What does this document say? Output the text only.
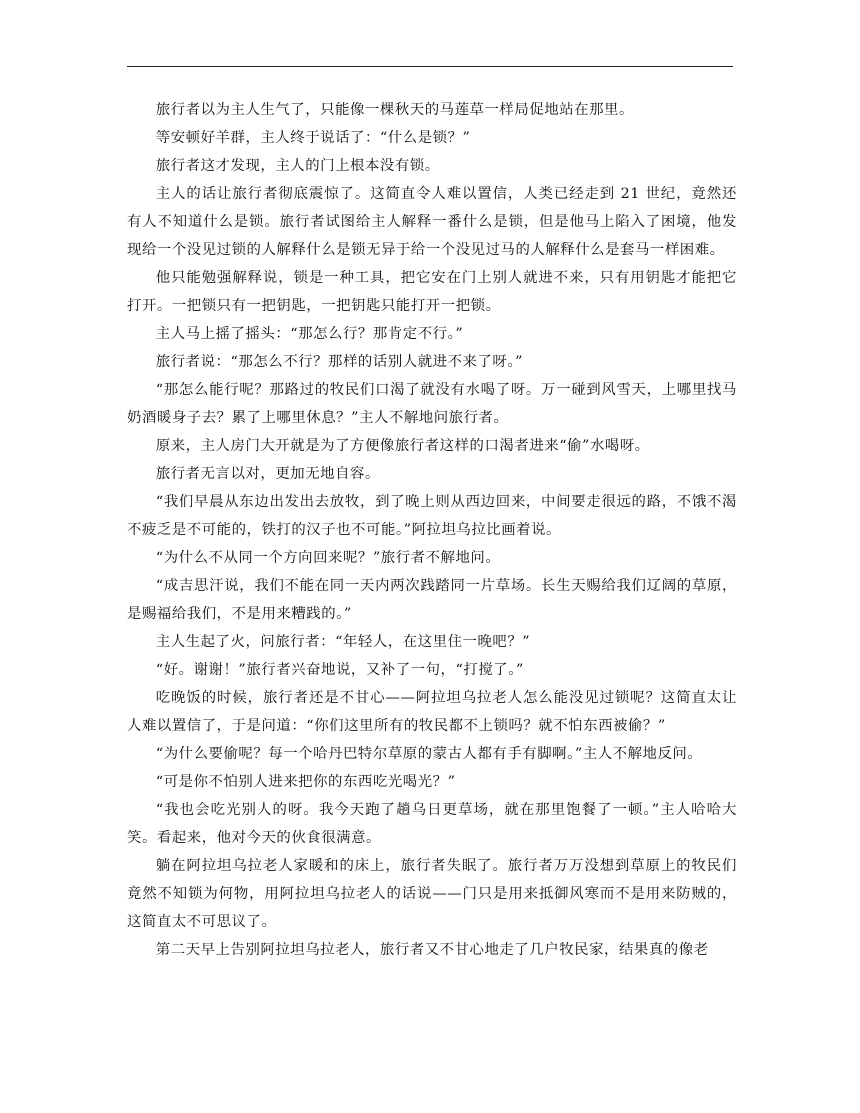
旅行者以为主人生气了，只能像一棵秋天的马莲草一样局促地站在那里。

等安顿好羊群，主人终于说话了：“什么是锁？”

旅行者这才发现，主人的门上根本没有锁。

主人的话让旅行者彻底震惊了。这简直令人难以置信，人类已经走到 21 世纪，竟然还有人不知道什么是锁。旅行者试图给主人解释一番什么是锁，但是他马上陷入了困境，他发现给一个没见过锁的人解释什么是锁无异于给一个没见过马的人解释什么是套马一样困难。

他只能勉强解释说，锁是一种工具，把它安在门上别人就进不来，只有用钥匙才能把它打开。一把锁只有一把钥匙，一把钥匙只能打开一把锁。

主人马上摇了摇头：“那怎么行？那肯定不行。”

旅行者说：“那怎么不行？那样的话别人就进不来了呀。”

“那怎么能行呢？那路过的牧民们口渴了就没有水喝了呀。万一碰到风雪天，上哪里找马奶酒暖身子去？累了上哪里休息？”主人不解地问旅行者。

原来，主人房门大开就是为了方便像旅行者这样的口渴者进来“偷”水喝呀。

旅行者无言以对，更加无地自容。

“我们早晨从东边出发出去放牧，到了晚上则从西边回来，中间要走很远的路，不饿不渴不疲乏是不可能的，铁打的汉子也不可能。”阿拉坦乌拉比画着说。

“为什么不从同一个方向回来呢？”旅行者不解地问。

“成吉思汗说，我们不能在同一天内两次践踏同一片草场。长生天赐给我们辽阔的草原，是赐福给我们，不是用来糟践的。”

主人生起了火，问旅行者：“年轻人，在这里住一晚吧？”

“好。谢谢！”旅行者兴奋地说，又补了一句，“打搅了。”

吃晚饭的时候，旅行者还是不甘心——阿拉坦乌拉老人怎么能没见过锁呢？这简直太让人难以置信了，于是问道：“你们这里所有的牧民都不上锁吗？就不怕东西被偷？”

“为什么要偷呢？每一个哈丹巴特尔草原的蒙古人都有手有脚啊。”主人不解地反问。

“可是你不怕别人进来把你的东西吃光喝光？”

“我也会吃光别人的呀。我今天跑了趟乌日更草场，就在那里饱餐了一顿。”主人哈哈大笑。看起来，他对今天的伙食很满意。

躺在阿拉坦乌拉老人家暖和的床上，旅行者失眠了。旅行者万万没想到草原上的牧民们竟然不知锁为何物，用阿拉坦乌拉老人的话说——门只是用来抵御风寒而不是用来防贼的，这简直太不可思议了。

第二天早上告别阿拉坦乌拉老人，旅行者又不甘心地走了几户牧民家，结果真的像老
